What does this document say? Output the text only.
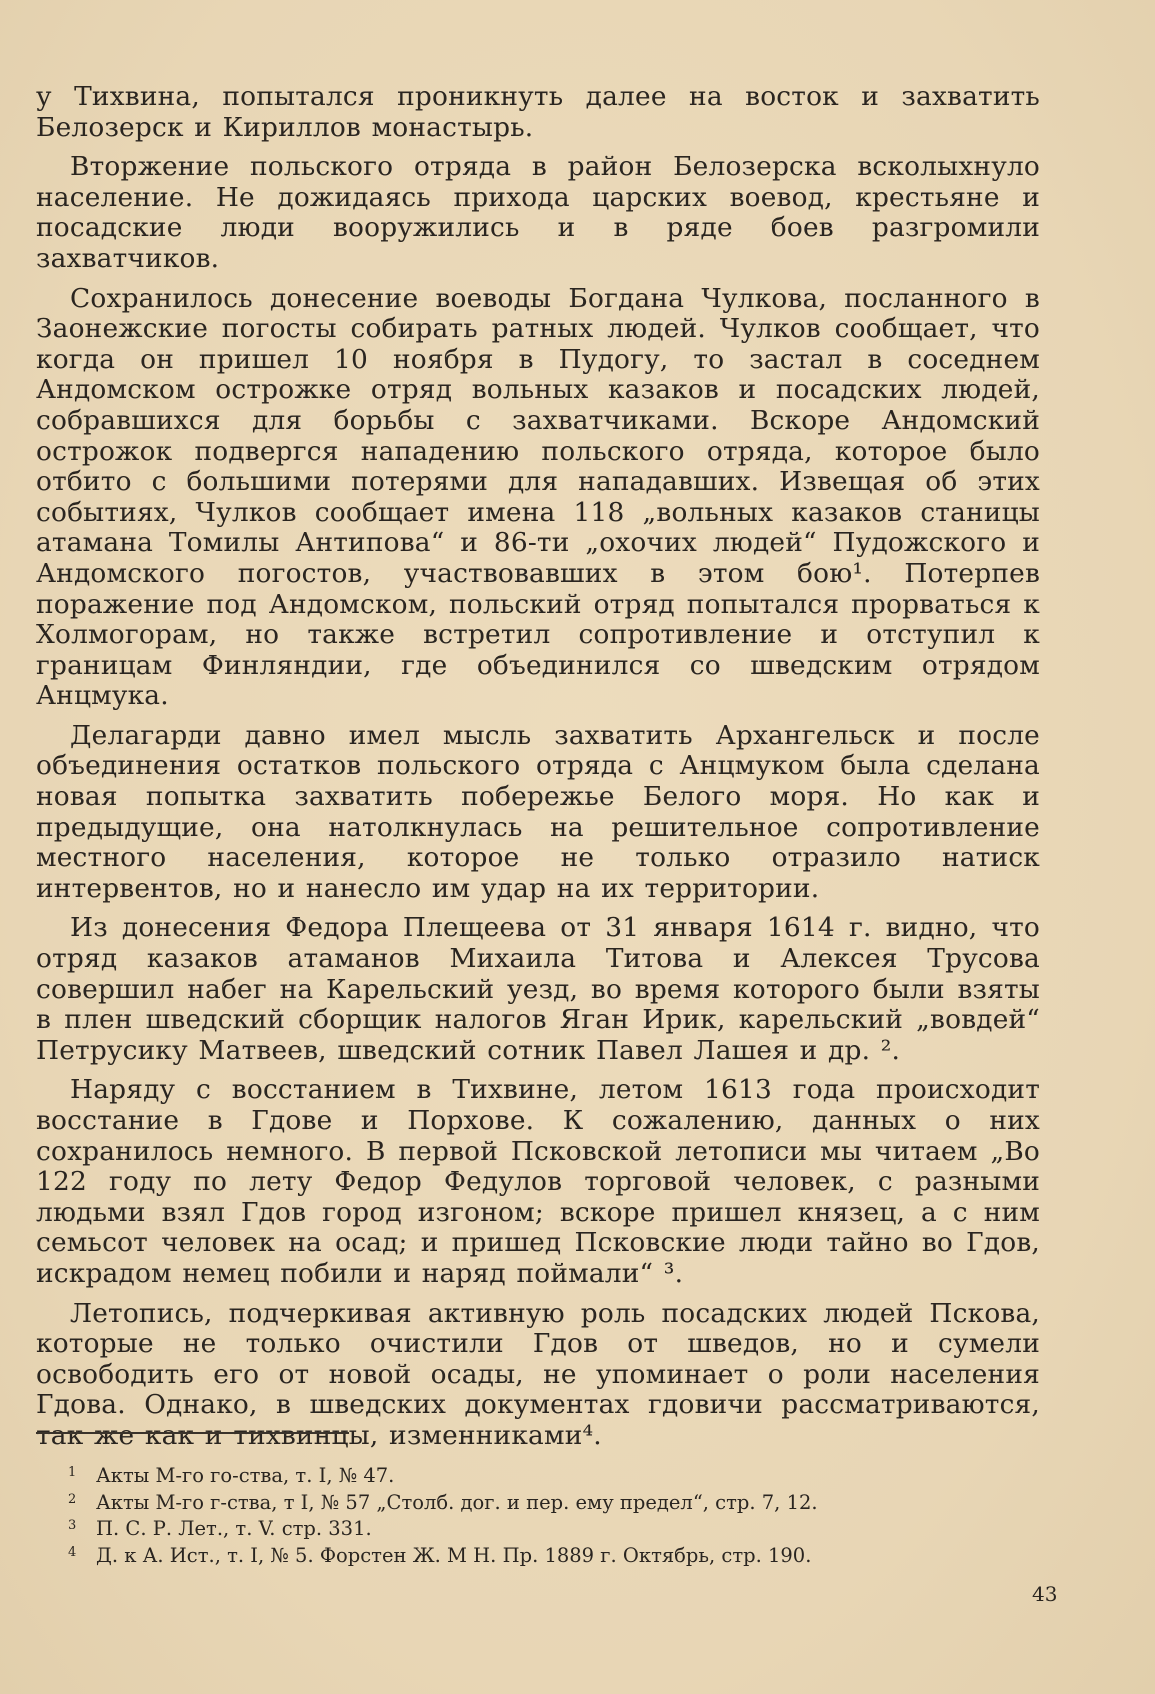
у Тихвина, попытался проникнуть далее на восток и захватить Белозерск и Кириллов монастырь.

Вторжение польского отряда в район Белозерска всколыхнуло население. Не дожидаясь прихода царских воевод, крестьяне и посадские люди вооружились и в ряде боев разгромили захватчиков.

Сохранилось донесение воеводы Богдана Чулкова, посланного в Заонежские погосты собирать ратных людей. Чулков сообщает, что когда он пришел 10 ноября в Пудогу, то застал в соседнем Андомском острожке отряд вольных казаков и посадских людей, собравшихся для борьбы с захватчиками. Вскоре Андомский острожок подвергся нападению польского отряда, которое было отбито с большими потерями для нападавших. Извещая об этих событиях, Чулков сообщает имена 118 „вольных казаков станицы атамана Томилы Антипова“ и 86-ти „охочих людей“ Пудожского и Андомского погостов, участвовавших в этом бою¹. Потерпев поражение под Андомском, польский отряд попытался прорваться к Холмогорам, но также встретил сопротивление и отступил к границам Финляндии, где объединился со шведским отрядом Анцмука.

Делагарди давно имел мысль захватить Архангельск и после объединения остатков польского отряда с Анцмуком была сделана новая попытка захватить побережье Белого моря. Но как и предыдущие, она натолкнулась на решительное сопротивление местного населения, которое не только отразило натиск интервентов, но и нанесло им удар на их территории.

Из донесения Федора Плещеева от 31 января 1614 г. видно, что отряд казаков атаманов Михаила Титова и Алексея Трусова совершил набег на Карельский уезд, во время которого были взяты в плен шведский сборщик налогов Яган Ирик, карельский „вовдей“ Петрусику Матвеев, шведский сотник Павел Лашея и др. ².

Наряду с восстанием в Тихвине, летом 1613 года происходит восстание в Гдове и Порхове. К сожалению, данных о них сохранилось немного. В первой Псковской летописи мы читаем „Во 122 году по лету Федор Федулов торговой человек, с разными людьми взял Гдов город изгоном; вскоре пришел князец, а с ним семьсот человек на осад; и пришед Псковские люди тайно во Гдов, искрадом немец побили и наряд поймали“ ³.

Летопись, подчеркивая активную роль посадских людей Пскова, которые не только очистили Гдов от шведов, но и сумели освободить его от новой осады, не упоминает о роли населения Гдова. Однако, в шведских документах гдовичи рассматриваются, так же как и тихвинцы, изменниками⁴.

1 Акты М-го го-ства, т. I, № 47.
2 Акты М-го г-ства, т I, № 57 „Столб. дог. и пер. ему предел“, стр. 7, 12.
3 П. С. Р. Лет., т. V. стр. 331.
4 Д. к А. Ист., т. I, № 5. Форстен Ж. М Н. Пр. 1889 г. Октябрь, стр. 190.
43
